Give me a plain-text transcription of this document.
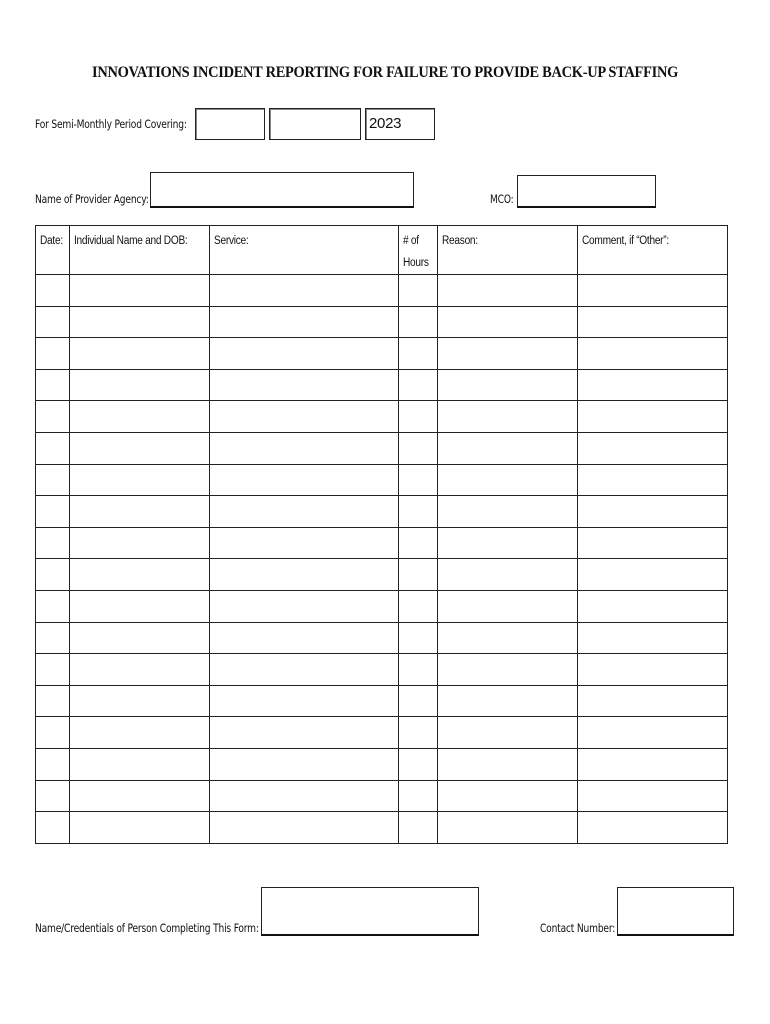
INNOVATIONS INCIDENT REPORTING FOR FAILURE TO PROVIDE BACK-UP STAFFING
For Semi-Monthly Period Covering:	2023
Name of Provider Agency:	MCO:
Date:	Individual Name and DOB:	Service:	# of Hours	Reason:	Comment, if “Other”:

Name/Credentials of Person Completing This Form:	Contact Number:
